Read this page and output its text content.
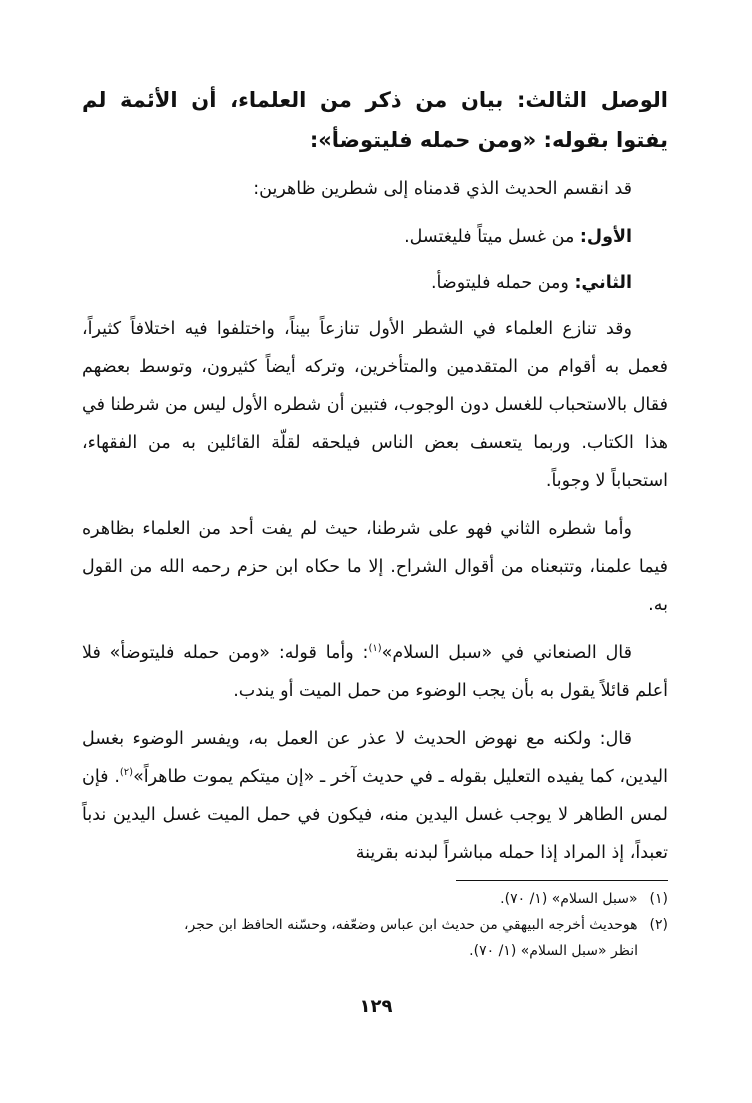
الوصل الثالث: بيان من ذكر من العلماء، أن الأئمة لم يفتوا بقوله: «ومن حمله فليتوضأ»:

قد انقسم الحديث الذي قدمناه إلى شطرين ظاهرين:

الأول: من غسل ميتاً فليغتسل.

الثاني: ومن حمله فليتوضأ.

وقد تنازع العلماء في الشطر الأول تنازعاً بيناً، واختلفوا فيه اختلافاً كثيراً، فعمل به أقوام من المتقدمين والمتأخرين، وتركه أيضاً كثيرون، وتوسط بعضهم فقال بالاستحباب للغسل دون الوجوب، فتبين أن شطره الأول ليس من شرطنا في هذا الكتاب. وربما يتعسف بعض الناس فيلحقه لقلّة القائلين به من الفقهاء، استحباباً لا وجوباً.

وأما شطره الثاني فهو على شرطنا، حيث لم يفت أحد من العلماء بظاهره فيما علمنا، وتتبعناه من أقوال الشراح. إلا ما حكاه ابن حزم رحمه الله من القول به.

قال الصنعاني في «سبل السلام»$^{(١)}$: وأما قوله: «ومن حمله فليتوضأ» فلا أعلم قائلاً يقول به بأن يجب الوضوء من حمل الميت أو يندب.

قال: ولكنه مع نهوض الحديث لا عذر عن العمل به، ويفسر الوضوء بغسل اليدين، كما يفيده التعليل بقوله ـ في حديث آخر ـ «إن ميتكم يموت طاهراً»$^{(٢)}$. فإن لمس الطاهر لا يوجب غسل اليدين منه، فيكون في حمل الميت غسل اليدين ندباً تعبداً، إذ المراد إذا حمله مباشراً لبدنه بقرينة

(١) «سبل السلام» (١/ ٧٠).

(٢) هوحديث أخرجه البيهقي من حديث ابن عباس وضعّفه، وحسّنه الحافظ ابن حجر،

انظر «سبل السلام» (١/ ٧٠).

١٢٩
